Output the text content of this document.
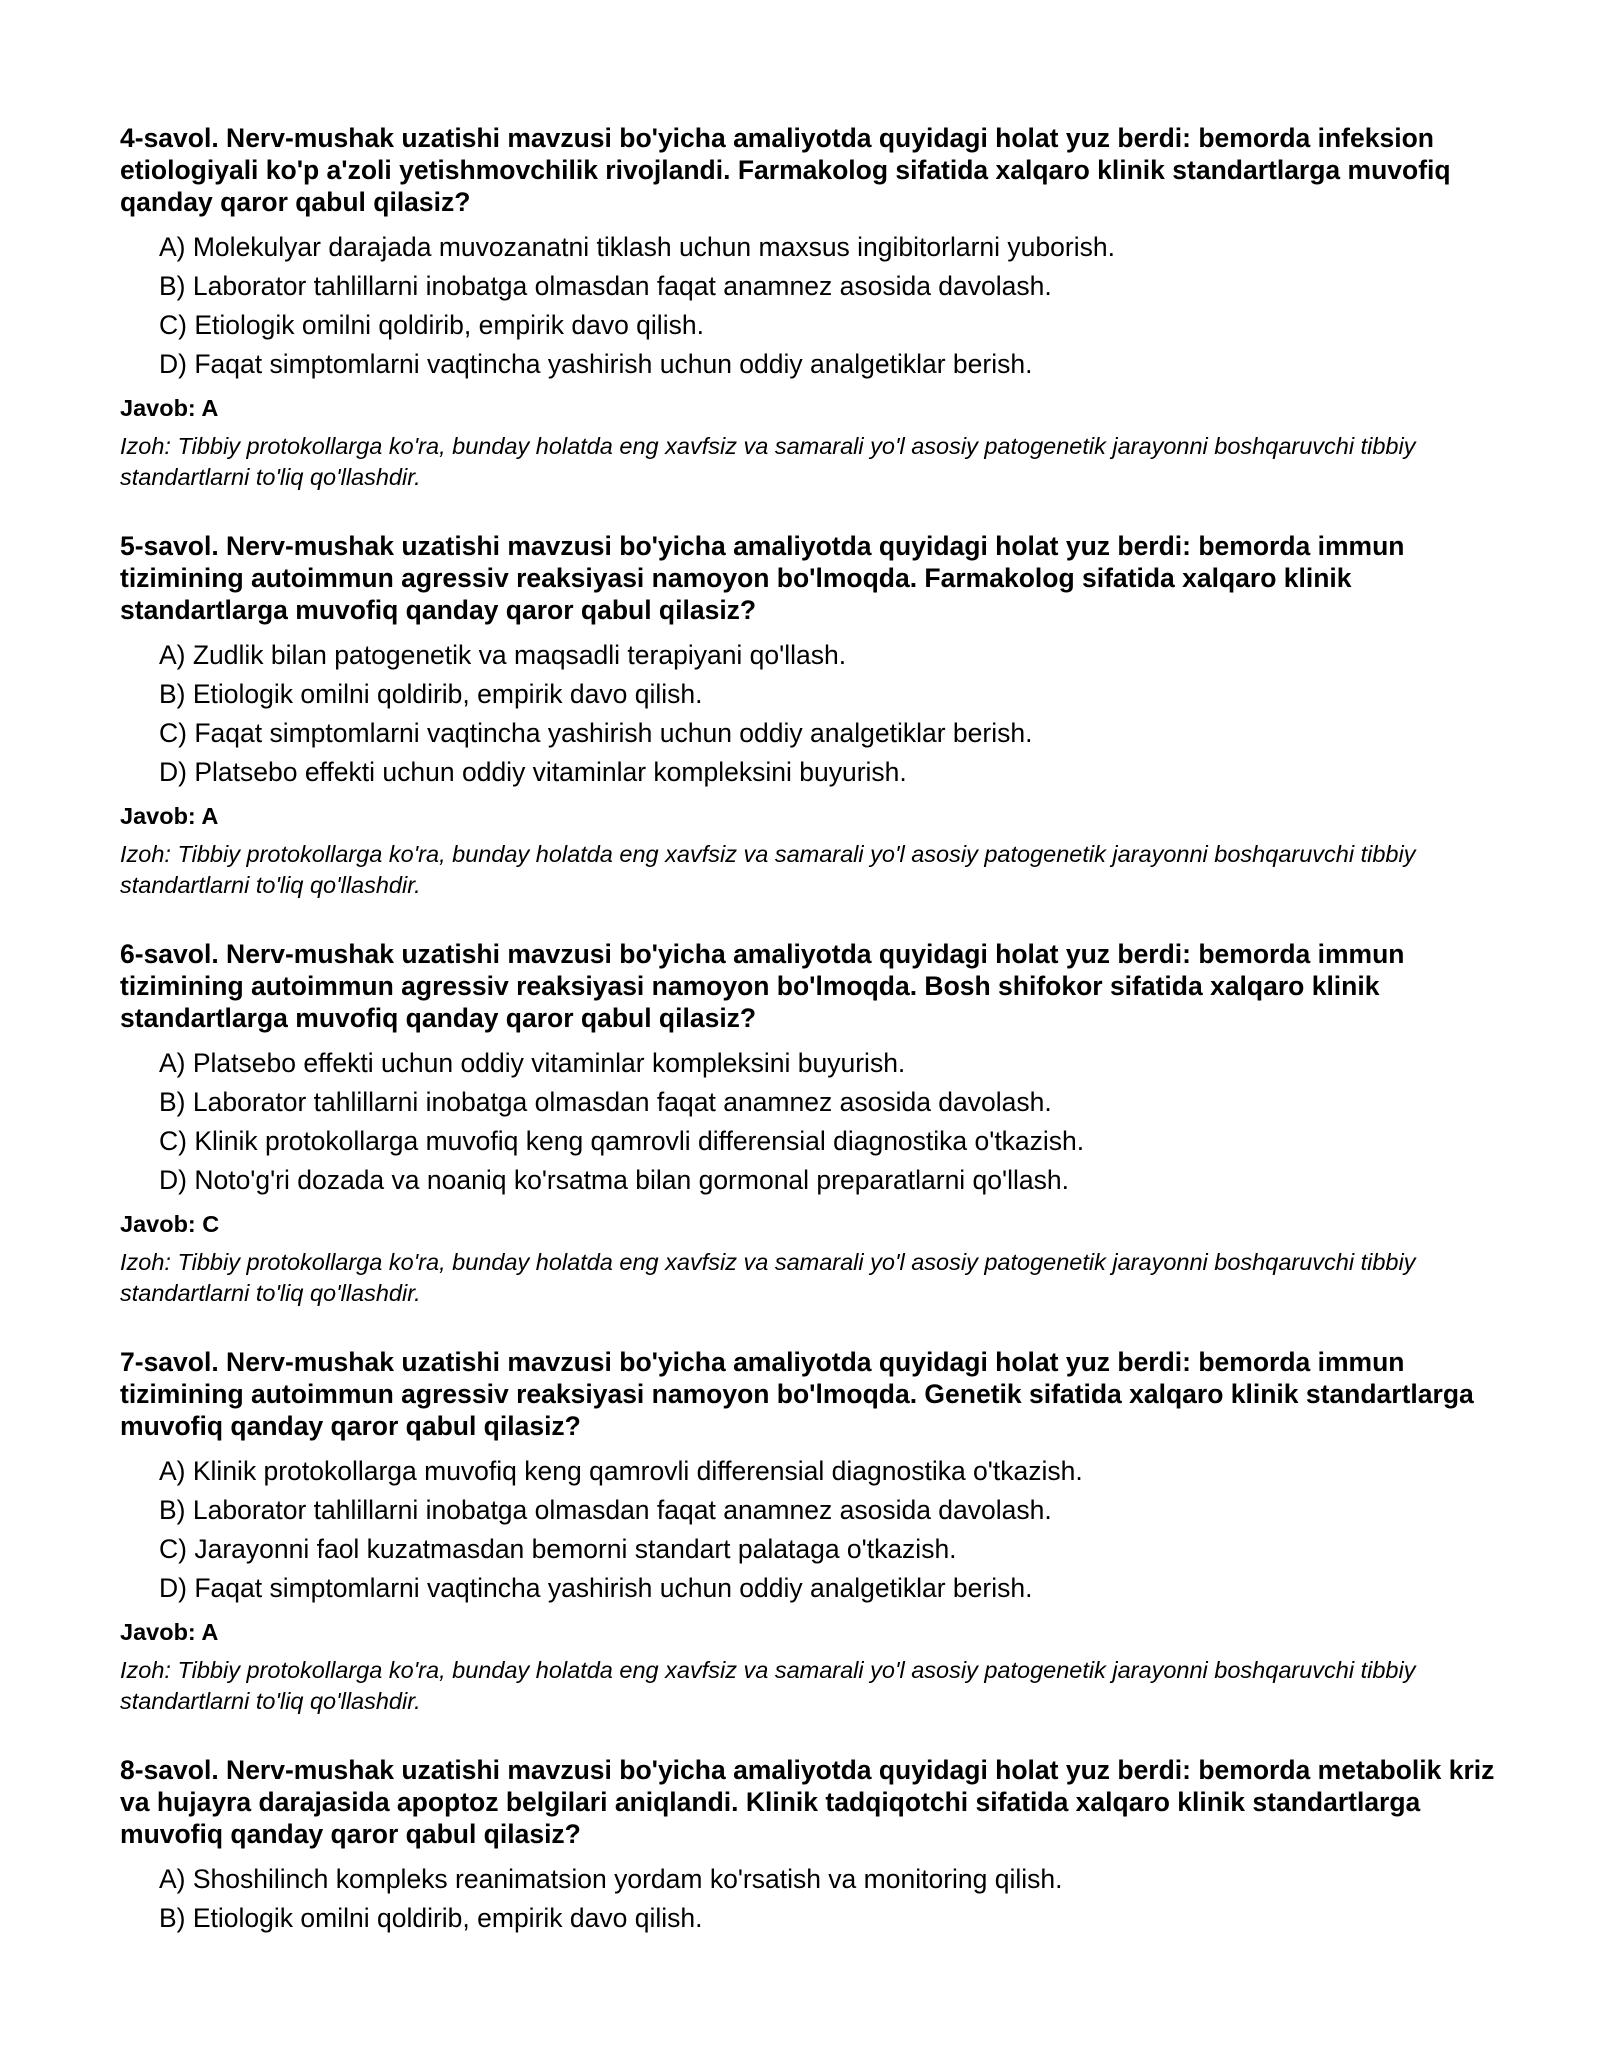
4-savol. Nerv-mushak uzatishi mavzusi bo'yicha amaliyotda quyidagi holat yuz berdi: bemorda infeksion etiologiyali ko'p a'zoli yetishmovchilik rivojlandi. Farmakolog sifatida xalqaro klinik standartlarga muvofiq qanday qaror qabul qilasiz?
A) Molekulyar darajada muvozanatni tiklash uchun maxsus ingibitorlarni yuborish.
B) Laborator tahlillarni inobatga olmasdan faqat anamnez asosida davolash.
C) Etiologik omilni qoldirib, empirik davo qilish.
D) Faqat simptomlarni vaqtincha yashirish uchun oddiy analgetiklar berish.
Javob: A

Izoh: Tibbiy protokollarga ko'ra, bunday holatda eng xavfsiz va samarali yo'l asosiy patogenetik jarayonni boshqaruvchi tibbiy standartlarni to'liq qo'llashdir.

5-savol. Nerv-mushak uzatishi mavzusi bo'yicha amaliyotda quyidagi holat yuz berdi: bemorda immun tizimining autoimmun agressiv reaksiyasi namoyon bo'lmoqda. Farmakolog sifatida xalqaro klinik standartlarga muvofiq qanday qaror qabul qilasiz?
A) Zudlik bilan patogenetik va maqsadli terapiyani qo'llash.
B) Etiologik omilni qoldirib, empirik davo qilish.
C) Faqat simptomlarni vaqtincha yashirish uchun oddiy analgetiklar berish.
D) Platsebo effekti uchun oddiy vitaminlar kompleksini buyurish.
Javob: A

Izoh: Tibbiy protokollarga ko'ra, bunday holatda eng xavfsiz va samarali yo'l asosiy patogenetik jarayonni boshqaruvchi tibbiy standartlarni to'liq qo'llashdir.

6-savol. Nerv-mushak uzatishi mavzusi bo'yicha amaliyotda quyidagi holat yuz berdi: bemorda immun tizimining autoimmun agressiv reaksiyasi namoyon bo'lmoqda. Bosh shifokor sifatida xalqaro klinik standartlarga muvofiq qanday qaror qabul qilasiz?
A) Platsebo effekti uchun oddiy vitaminlar kompleksini buyurish.
B) Laborator tahlillarni inobatga olmasdan faqat anamnez asosida davolash.
C) Klinik protokollarga muvofiq keng qamrovli differensial diagnostika o'tkazish.
D) Noto'g'ri dozada va noaniq ko'rsatma bilan gormonal preparatlarni qo'llash.
Javob: C

Izoh: Tibbiy protokollarga ko'ra, bunday holatda eng xavfsiz va samarali yo'l asosiy patogenetik jarayonni boshqaruvchi tibbiy standartlarni to'liq qo'llashdir.

7-savol. Nerv-mushak uzatishi mavzusi bo'yicha amaliyotda quyidagi holat yuz berdi: bemorda immun tizimining autoimmun agressiv reaksiyasi namoyon bo'lmoqda. Genetik sifatida xalqaro klinik standartlarga muvofiq qanday qaror qabul qilasiz?
A) Klinik protokollarga muvofiq keng qamrovli differensial diagnostika o'tkazish.
B) Laborator tahlillarni inobatga olmasdan faqat anamnez asosida davolash.
C) Jarayonni faol kuzatmasdan bemorni standart palataga o'tkazish.
D) Faqat simptomlarni vaqtincha yashirish uchun oddiy analgetiklar berish.
Javob: A

Izoh: Tibbiy protokollarga ko'ra, bunday holatda eng xavfsiz va samarali yo'l asosiy patogenetik jarayonni boshqaruvchi tibbiy standartlarni to'liq qo'llashdir.

8-savol. Nerv-mushak uzatishi mavzusi bo'yicha amaliyotda quyidagi holat yuz berdi: bemorda metabolik kriz va hujayra darajasida apoptoz belgilari aniqlandi. Klinik tadqiqotchi sifatida xalqaro klinik standartlarga muvofiq qanday qaror qabul qilasiz?
A) Shoshilinch kompleks reanimatsion yordam ko'rsatish va monitoring qilish.
B) Etiologik omilni qoldirib, empirik davo qilish.
